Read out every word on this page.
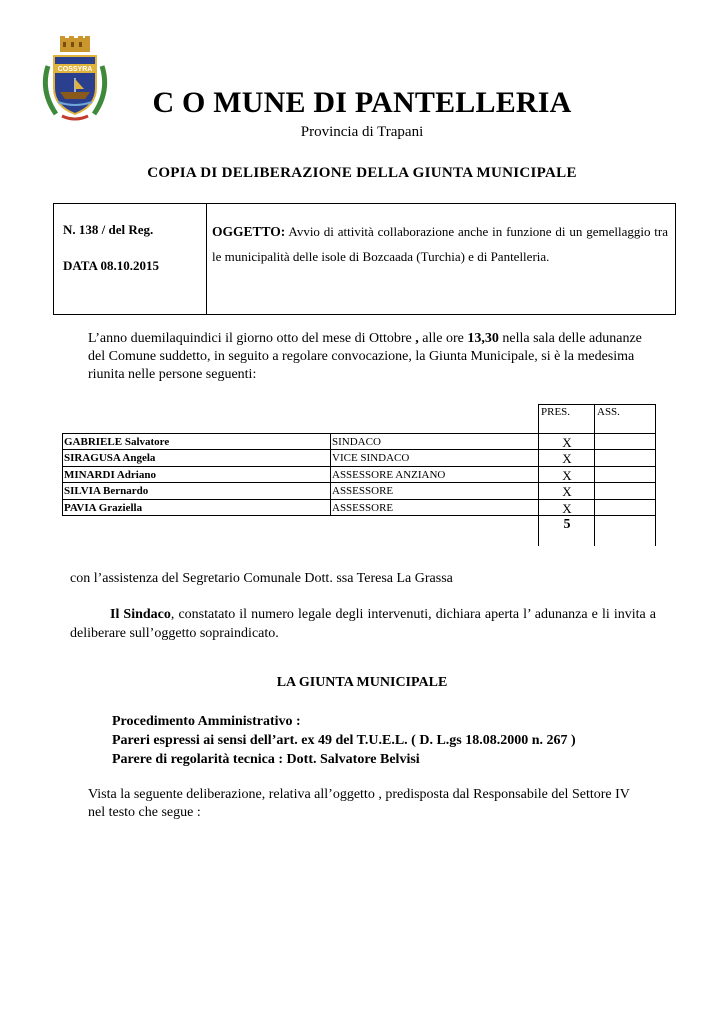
COSSYRA
C O MUNE DI PANTELLERIA
Provincia di Trapani
COPIA DI DELIBERAZIONE DELLA GIUNTA MUNICIPALE
N. 138 / del Reg.
DATA 08.10.2015
OGGETTO: Avvio di attività collaborazione anche in funzione di un gemellaggio tra le municipalità delle isole di Bozcaada (Turchia) e di Pantelleria.
L’anno duemilaquindici il giorno otto del mese di Ottobre , alle ore 13,30 nella sala delle adunanze del Comune suddetto, in seguito a regolare convocazione, la Giunta Municipale, si è la medesima riunita nelle persone seguenti:
PRES. ASS.
GABRIELE Salvatore	SINDACO	X
SIRAGUSA Angela	VICE SINDACO	X
MINARDI Adriano	ASSESSORE ANZIANO	X
SILVIA Bernardo	ASSESSORE	X
PAVIA Graziella	ASSESSORE	X
5
con l’assistenza del Segretario Comunale Dott. ssa Teresa La Grassa
Il Sindaco, constatato il numero legale degli intervenuti, dichiara aperta l’ adunanza e li invita a deliberare sull’oggetto sopraindicato.
LA GIUNTA MUNICIPALE
Procedimento Amministrativo :
Pareri espressi ai sensi dell’art. ex 49 del T.U.E.L. ( D. L.gs 18.08.2000 n. 267 )
Parere di regolarità tecnica : Dott. Salvatore Belvisi
Vista la seguente deliberazione, relativa all’oggetto , predisposta dal Responsabile del Settore IV nel testo che segue :
